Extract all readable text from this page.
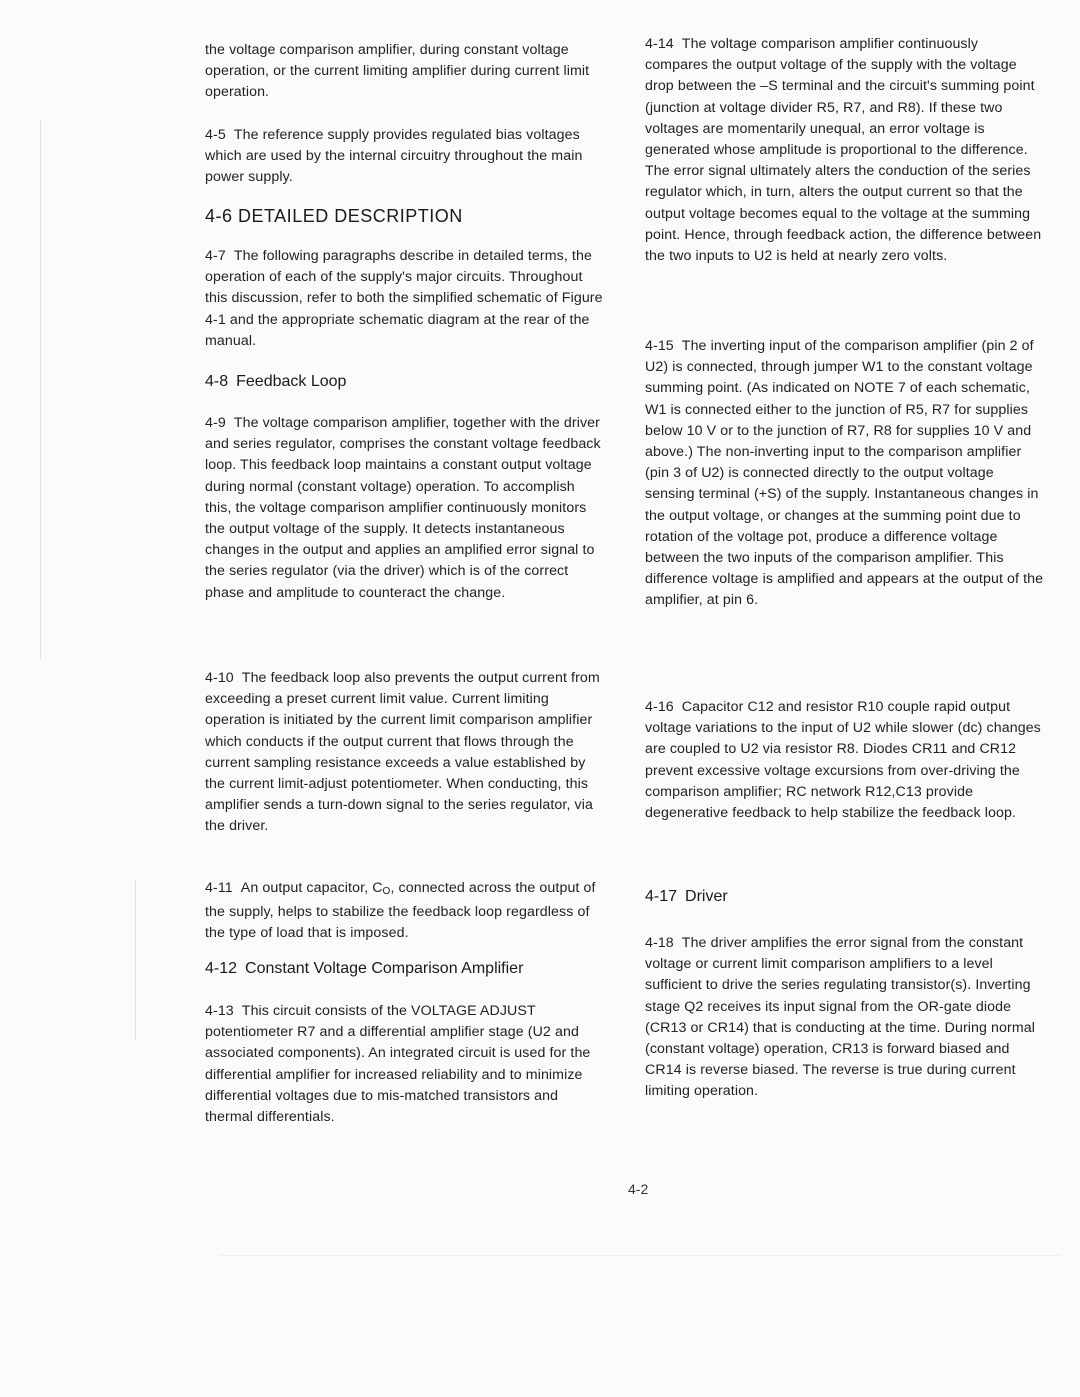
the voltage comparison amplifier, during constant voltage operation, or the current limiting amplifier during current limit operation.

4-5 The reference supply provides regulated bias voltages which are used by the internal circuitry throughout the main power supply.

4-6 DETAILED DESCRIPTION

4-7 The following paragraphs describe in detailed terms, the operation of each of the supply's major circuits. Throughout this discussion, refer to both the simplified schematic of Figure 4-1 and the appropriate schematic diagram at the rear of the manual.

4-8 Feedback Loop

4-9 The voltage comparison amplifier, together with the driver and series regulator, comprises the constant voltage feedback loop. This feedback loop maintains a constant output voltage during normal (constant voltage) operation. To accomplish this, the voltage comparison amplifier continuously monitors the output voltage of the supply. It detects instantaneous changes in the output and applies an amplified error signal to the series regulator (via the driver) which is of the correct phase and amplitude to counteract the change.

4-10 The feedback loop also prevents the output current from exceeding a preset current limit value. Current limiting operation is initiated by the current limit comparison amplifier which conducts if the output current that flows through the current sampling resistance exceeds a value established by the current limit-adjust potentiometer. When conducting, this amplifier sends a turn-down signal to the series regulator, via the driver.

4-11 An output capacitor, $C_O$, connected across the output of the supply, helps to stabilize the feedback loop regardless of the type of load that is imposed.

4-12 Constant Voltage Comparison Amplifier

4-13 This circuit consists of the VOLTAGE ADJUST potentiometer R7 and a differential amplifier stage (U2 and associated components). An integrated circuit is used for the differential amplifier for increased reliability and to minimize differential voltages due to mis-matched transistors and thermal differentials.

4-14 The voltage comparison amplifier continuously compares the output voltage of the supply with the voltage drop between the –S terminal and the circuit's summing point (junction at voltage divider R5, R7, and R8). If these two voltages are momentarily unequal, an error voltage is generated whose amplitude is proportional to the difference. The error signal ultimately alters the conduction of the series regulator which, in turn, alters the output current so that the output voltage becomes equal to the voltage at the summing point. Hence, through feedback action, the difference between the two inputs to U2 is held at nearly zero volts.

4-15 The inverting input of the comparison amplifier (pin 2 of U2) is connected, through jumper W1 to the constant voltage summing point. (As indicated on NOTE 7 of each schematic, W1 is connected either to the junction of R5, R7 for supplies below 10 V or to the junction of R7, R8 for supplies 10 V and above.) The non-inverting input to the comparison amplifier (pin 3 of U2) is connected directly to the output voltage sensing terminal (+S) of the supply. Instantaneous changes in the output voltage, or changes at the summing point due to rotation of the voltage pot, produce a difference voltage between the two inputs of the comparison amplifier. This difference voltage is amplified and appears at the output of the amplifier, at pin 6.

4-16 Capacitor C12 and resistor R10 couple rapid output voltage variations to the input of U2 while slower (dc) changes are coupled to U2 via resistor R8. Diodes CR11 and CR12 prevent excessive voltage excursions from over-driving the comparison amplifier; RC network R12,C13 provide degenerative feedback to help stabilize the feedback loop.

4-17 Driver

4-18 The driver amplifies the error signal from the constant voltage or current limit comparison amplifiers to a level sufficient to drive the series regulating transistor(s). Inverting stage Q2 receives its input signal from the OR-gate diode (CR13 or CR14) that is conducting at the time. During normal (constant voltage) operation, CR13 is forward biased and CR14 is reverse biased. The reverse is true during current limiting operation.

4-2
